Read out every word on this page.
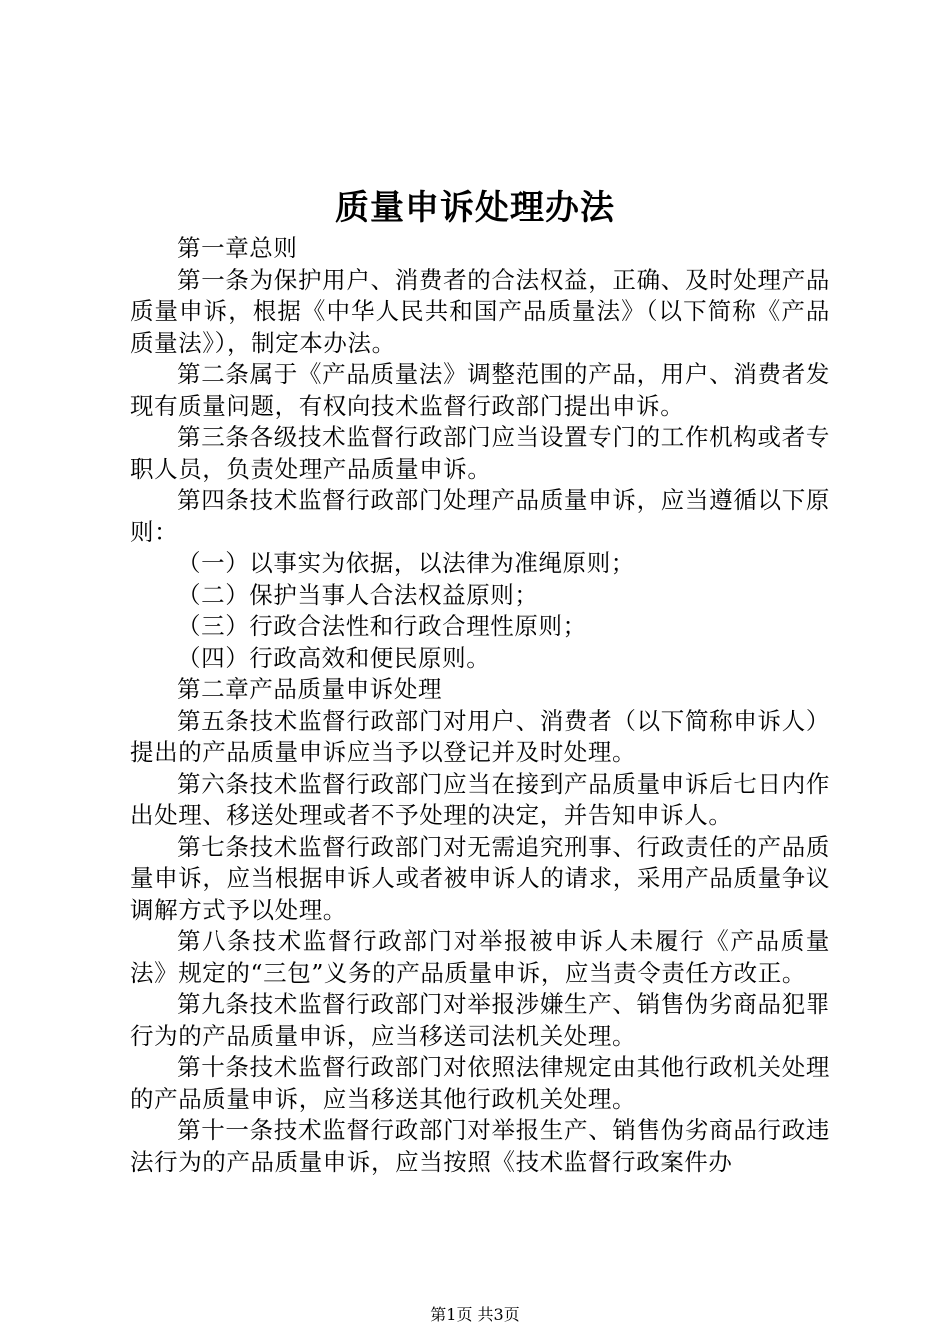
质量申诉处理办法

第一章总则

第一条为保护用户、消费者的合法权益，正确、及时处理产品质量申诉，根据《中华人民共和国产品质量法》（以下简称《产品质量法》），制定本办法。

第二条属于《产品质量法》调整范围的产品，用户、消费者发现有质量问题，有权向技术监督行政部门提出申诉。

第三条各级技术监督行政部门应当设置专门的工作机构或者专职人员，负责处理产品质量申诉。

第四条技术监督行政部门处理产品质量申诉，应当遵循以下原则：

（一）以事实为依据，以法律为准绳原则；

（二）保护当事人合法权益原则；

（三）行政合法性和行政合理性原则；

（四）行政高效和便民原则。

第二章产品质量申诉处理

第五条技术监督行政部门对用户、消费者（以下简称申诉人）提出的产品质量申诉应当予以登记并及时处理。

第六条技术监督行政部门应当在接到产品质量申诉后七日内作出处理、移送处理或者不予处理的决定，并告知申诉人。

第七条技术监督行政部门对无需追究刑事、行政责任的产品质量申诉，应当根据申诉人或者被申诉人的请求，采用产品质量争议调解方式予以处理。

第八条技术监督行政部门对举报被申诉人未履行《产品质量法》规定的“三包”义务的产品质量申诉，应当责令责任方改正。

第九条技术监督行政部门对举报涉嫌生产、销售伪劣商品犯罪行为的产品质量申诉，应当移送司法机关处理。

第十条技术监督行政部门对依照法律规定由其他行政机关处理的产品质量申诉，应当移送其他行政机关处理。

第十一条技术监督行政部门对举报生产、销售伪劣商品行政违法行为的产品质量申诉，应当按照《技术监督行政案件办

第1页 共3页
